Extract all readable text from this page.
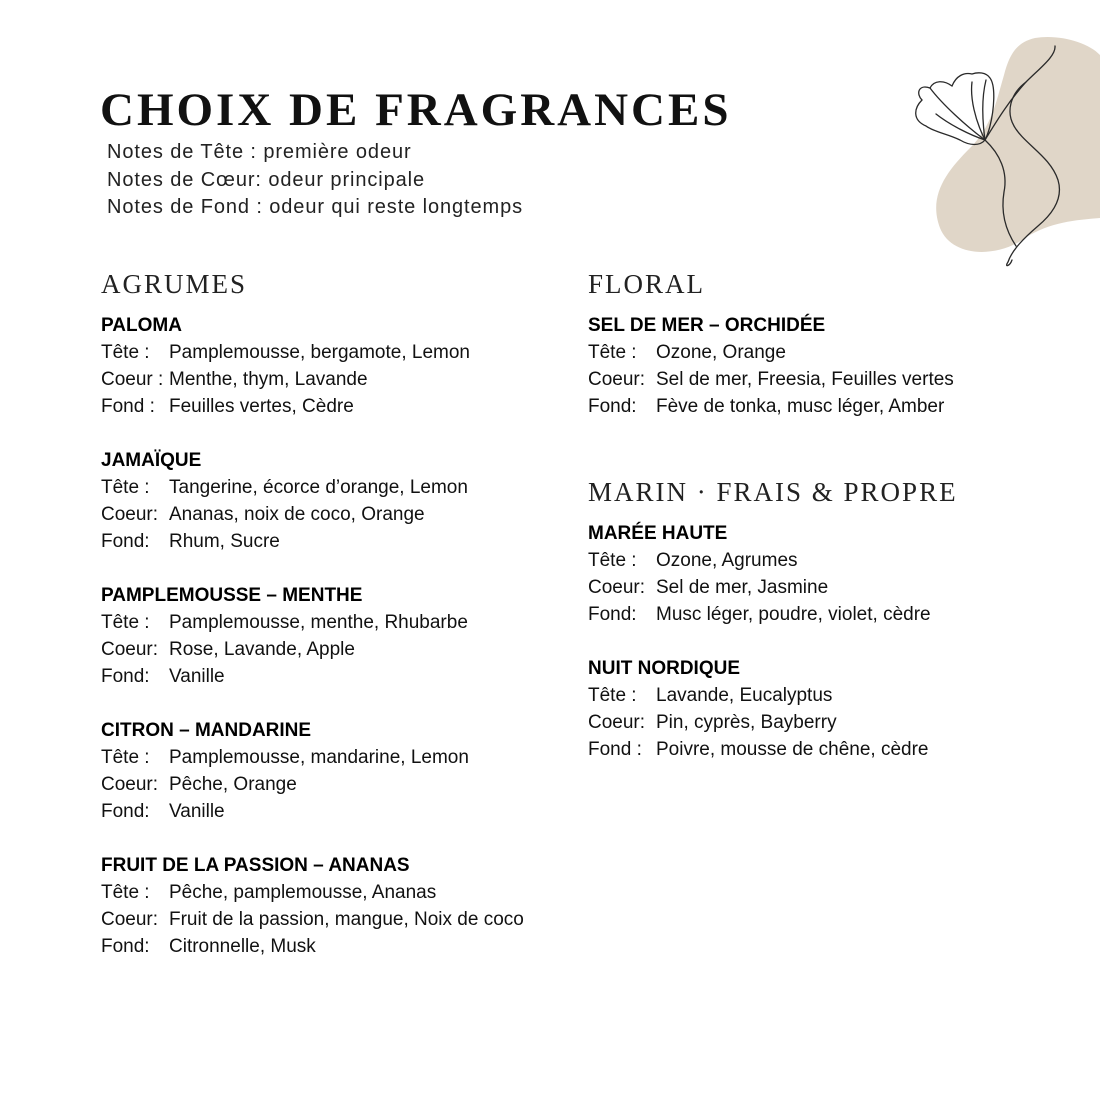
CHOIX DE FRAGRANCES
Notes de Tête : première odeur
Notes de Cœur: odeur principale
Notes de Fond : odeur qui reste longtemps
AGRUMES
PALOMA
Tête : Pamplemousse, bergamote, Lemon
Coeur : Menthe, thym, Lavande
Fond : Feuilles vertes, Cèdre
JAMAÏQUE
Tête : Tangerine, écorce d’orange, Lemon
Coeur: Ananas, noix de coco, Orange
Fond: Rhum, Sucre
PAMPLEMOUSSE – MENTHE
Tête : Pamplemousse, menthe, Rhubarbe
Coeur: Rose, Lavande, Apple
Fond: Vanille
CITRON – MANDARINE
Tête : Pamplemousse, mandarine, Lemon
Coeur: Pêche, Orange
Fond: Vanille
FRUIT DE LA PASSION – ANANAS
Tête : Pêche, pamplemousse, Ananas
Coeur: Fruit de la passion, mangue, Noix de coco
Fond: Citronnelle, Musk
FLORAL
SEL DE MER – ORCHIDÉE
Tête : Ozone, Orange
Coeur: Sel de mer, Freesia, Feuilles vertes
Fond: Fève de tonka, musc léger, Amber
MARIN · FRAIS & PROPRE
MARÉE HAUTE
Tête : Ozone, Agrumes
Coeur: Sel de mer, Jasmine
Fond: Musc léger, poudre, violet, cèdre
NUIT NORDIQUE
Tête : Lavande, Eucalyptus
Coeur: Pin, cyprès, Bayberry
Fond : Poivre, mousse de chêne, cèdre
